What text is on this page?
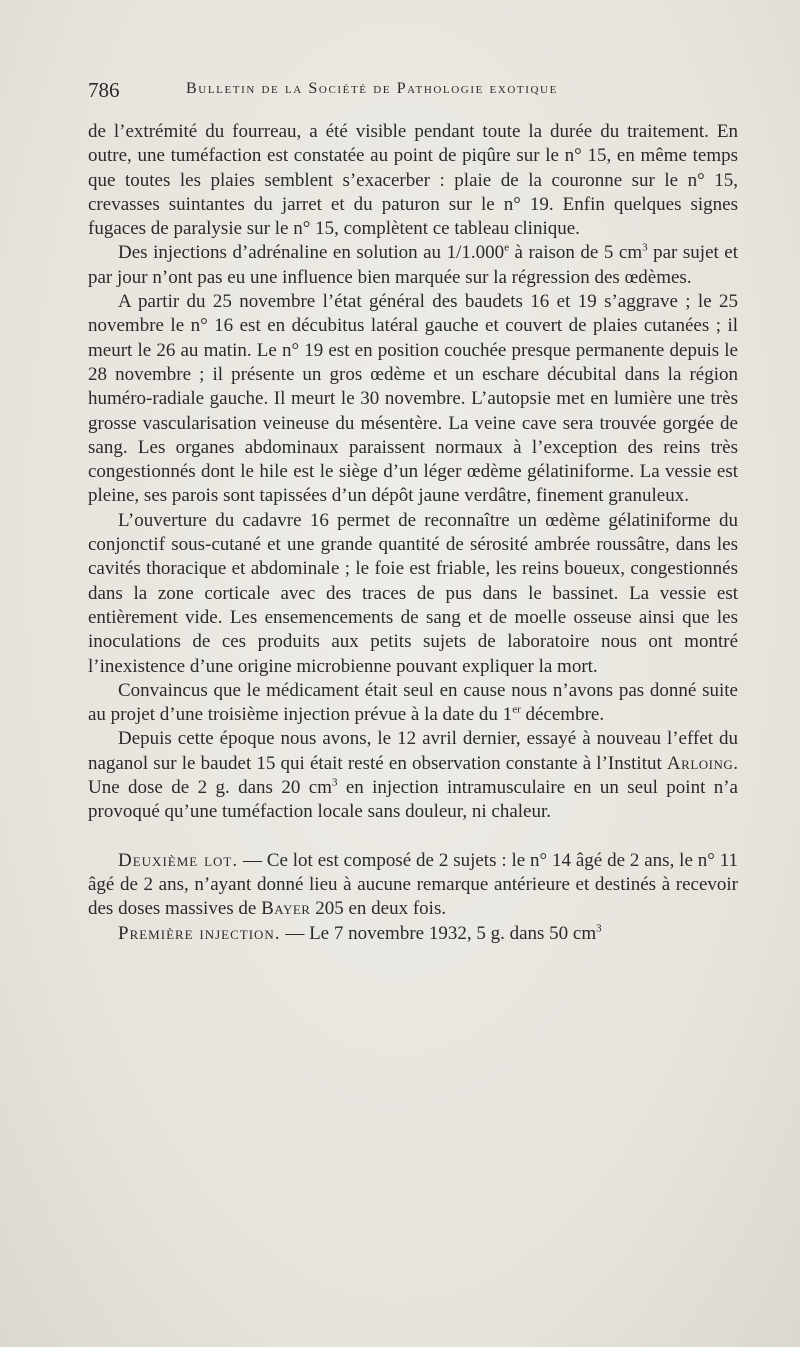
786	Bulletin de la Société de Pathologie exotique

de l’extrémité du fourreau, a été visible pendant toute la durée du traitement. En outre, une tuméfaction est constatée au point de piqûre sur le n° 15, en même temps que toutes les plaies semblent s’exacerber : plaie de la couronne sur le n° 15, crevasses suintantes du jarret et du paturon sur le n° 19. Enfin quelques signes fugaces de paralysie sur le n° 15, complètent ce tableau clinique.

Des injections d’adrénaline en solution au 1/1.000e à raison de 5 $cm^3$ par sujet et par jour n’ont pas eu une influence bien marquée sur la régression des œdèmes.

A partir du 25 novembre l’état général des baudets 16 et 19 s’aggrave ; le 25 novembre le n° 16 est en décubitus latéral gauche et couvert de plaies cutanées ; il meurt le 26 au matin. Le n° 19 est en position couchée presque permanente depuis le 28 novembre ; il présente un gros œdème et un eschare décubital dans la région huméro-radiale gauche. Il meurt le 30 novembre. L’autopsie met en lumière une très grosse vascularisation veineuse du mésentère. La veine cave sera trouvée gorgée de sang. Les organes abdominaux paraissent normaux à l’exception des reins très congestionnés dont le hile est le siège d’un léger œdème gélatiniforme. La vessie est pleine, ses parois sont tapissées d’un dépôt jaune verdâtre, finement granuleux.

L’ouverture du cadavre 16 permet de reconnaître un œdème gélatiniforme du conjonctif sous-cutané et une grande quantité de sérosité ambrée roussâtre, dans les cavités thoracique et abdominale ; le foie est friable, les reins boueux, congestionnés dans la zone corticale avec des traces de pus dans le bassinet. La vessie est entièrement vide. Les ensemencements de sang et de moelle osseuse ainsi que les inoculations de ces produits aux petits sujets de laboratoire nous ont montré l’inexistence d’une origine microbienne pouvant expliquer la mort.

Convaincus que le médicament était seul en cause nous n’avons pas donné suite au projet d’une troisième injection prévue à la date du 1er décembre.

Depuis cette époque nous avons, le 12 avril dernier, essayé à nouveau l’effet du naganol sur le baudet 15 qui était resté en observation constante à l’Institut Arloing. Une dose de 2 g. dans 20 $cm^3$ en injection intramusculaire en un seul point n’a provoqué qu’une tuméfaction locale sans douleur, ni chaleur.

Deuxième lot. — Ce lot est composé de 2 sujets : le n° 14 âgé de 2 ans, le n° 11 âgé de 2 ans, n’ayant donné lieu à aucune remarque antérieure et destinés à recevoir des doses massives de Bayer 205 en deux fois.

Première injection. — Le 7 novembre 1932, 5 g. dans 50 $cm^3$
